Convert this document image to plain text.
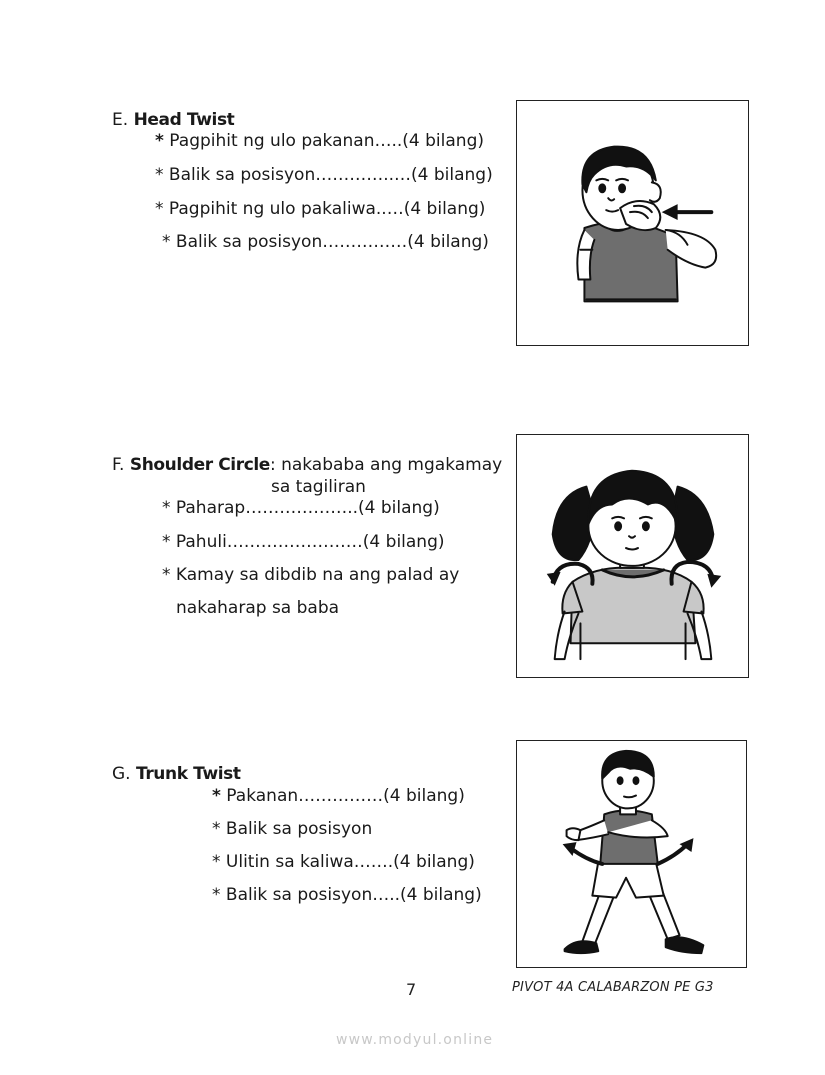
E. Head Twist
* Pagpihit ng ulo pakanan…..(4 bilang)
* Balik sa posisyon…………..…(4 bilang)
* Pagpihit ng ulo pakaliwa..…(4 bilang)
* Balik sa posisyon……………(4 bilang)
F. Shoulder Circle: nakababa ang mgakamay
sa tagiliran
* Paharap………………..(4 bilang)
* Pahuli……………………(4 bilang)
* Kamay sa dibdib na ang palad ay
nakaharap sa baba
G. Trunk Twist
* Pakanan……………(4 bilang)
* Balik sa posisyon
* Ulitin sa kaliwa…….(4 bilang)
* Balik sa posisyon…..(4 bilang)
7	PIVOT 4A CALABARZON PE G3
www.modyul.online
